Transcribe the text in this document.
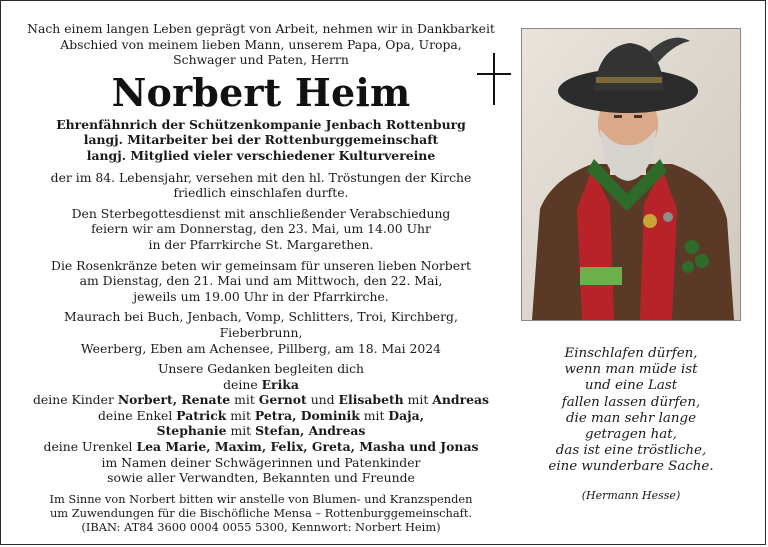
Nach einem langen Leben geprägt von Arbeit, nehmen wir in Dankbarkeit
Abschied von meinem lieben Mann, unserem Papa, Opa, Uropa,
Schwager und Paten, Herrn

Norbert Heim

Ehrenfähnrich der Schützenkompanie Jenbach Rottenburg
langj. Mitarbeiter bei der Rottenburggemeinschaft
langj. Mitglied vieler verschiedener Kulturvereine

der im 84. Lebensjahr, versehen mit den hl. Tröstungen der Kirche
friedlich einschlafen durfte.

Den Sterbegottesdienst mit anschließender Verabschiedung
feiern wir am Donnerstag, den 23. Mai, um 14.00 Uhr
in der Pfarrkirche St. Margarethen.

Die Rosenkränze beten wir gemeinsam für unseren lieben Norbert
am Dienstag, den 21. Mai und am Mittwoch, den 22. Mai,
jeweils um 19.00 Uhr in der Pfarrkirche.

Maurach bei Buch, Jenbach, Vomp, Schlitters, Troi, Kirchberg, Fieberbrunn,
Weerberg, Eben am Achensee, Pillberg, am 18. Mai 2024

Unsere Gedanken begleiten dich
deine Erika
deine Kinder Norbert, Renate mit Gernot und Elisabeth mit Andreas
deine Enkel Patrick mit Petra, Dominik mit Daja,
Stephanie mit Stefan, Andreas
deine Urenkel Lea Marie, Maxim, Felix, Greta, Masha und Jonas
im Namen deiner Schwägerinnen und Patenkinder
sowie aller Verwandten, Bekannten und Freunde

Im Sinne von Norbert bitten wir anstelle von Blumen- und Kranzspenden
um Zuwendungen für die Bischöfliche Mensa – Rottenburggemeinschaft.
(IBAN: AT84 3600 0004 0055 5300, Kennwort: Norbert Heim)

Einschlafen dürfen,
wenn man müde ist
und eine Last
fallen lassen dürfen,
die man sehr lange
getragen hat,
das ist eine tröstliche,
eine wunderbare Sache.
(Hermann Hesse)
